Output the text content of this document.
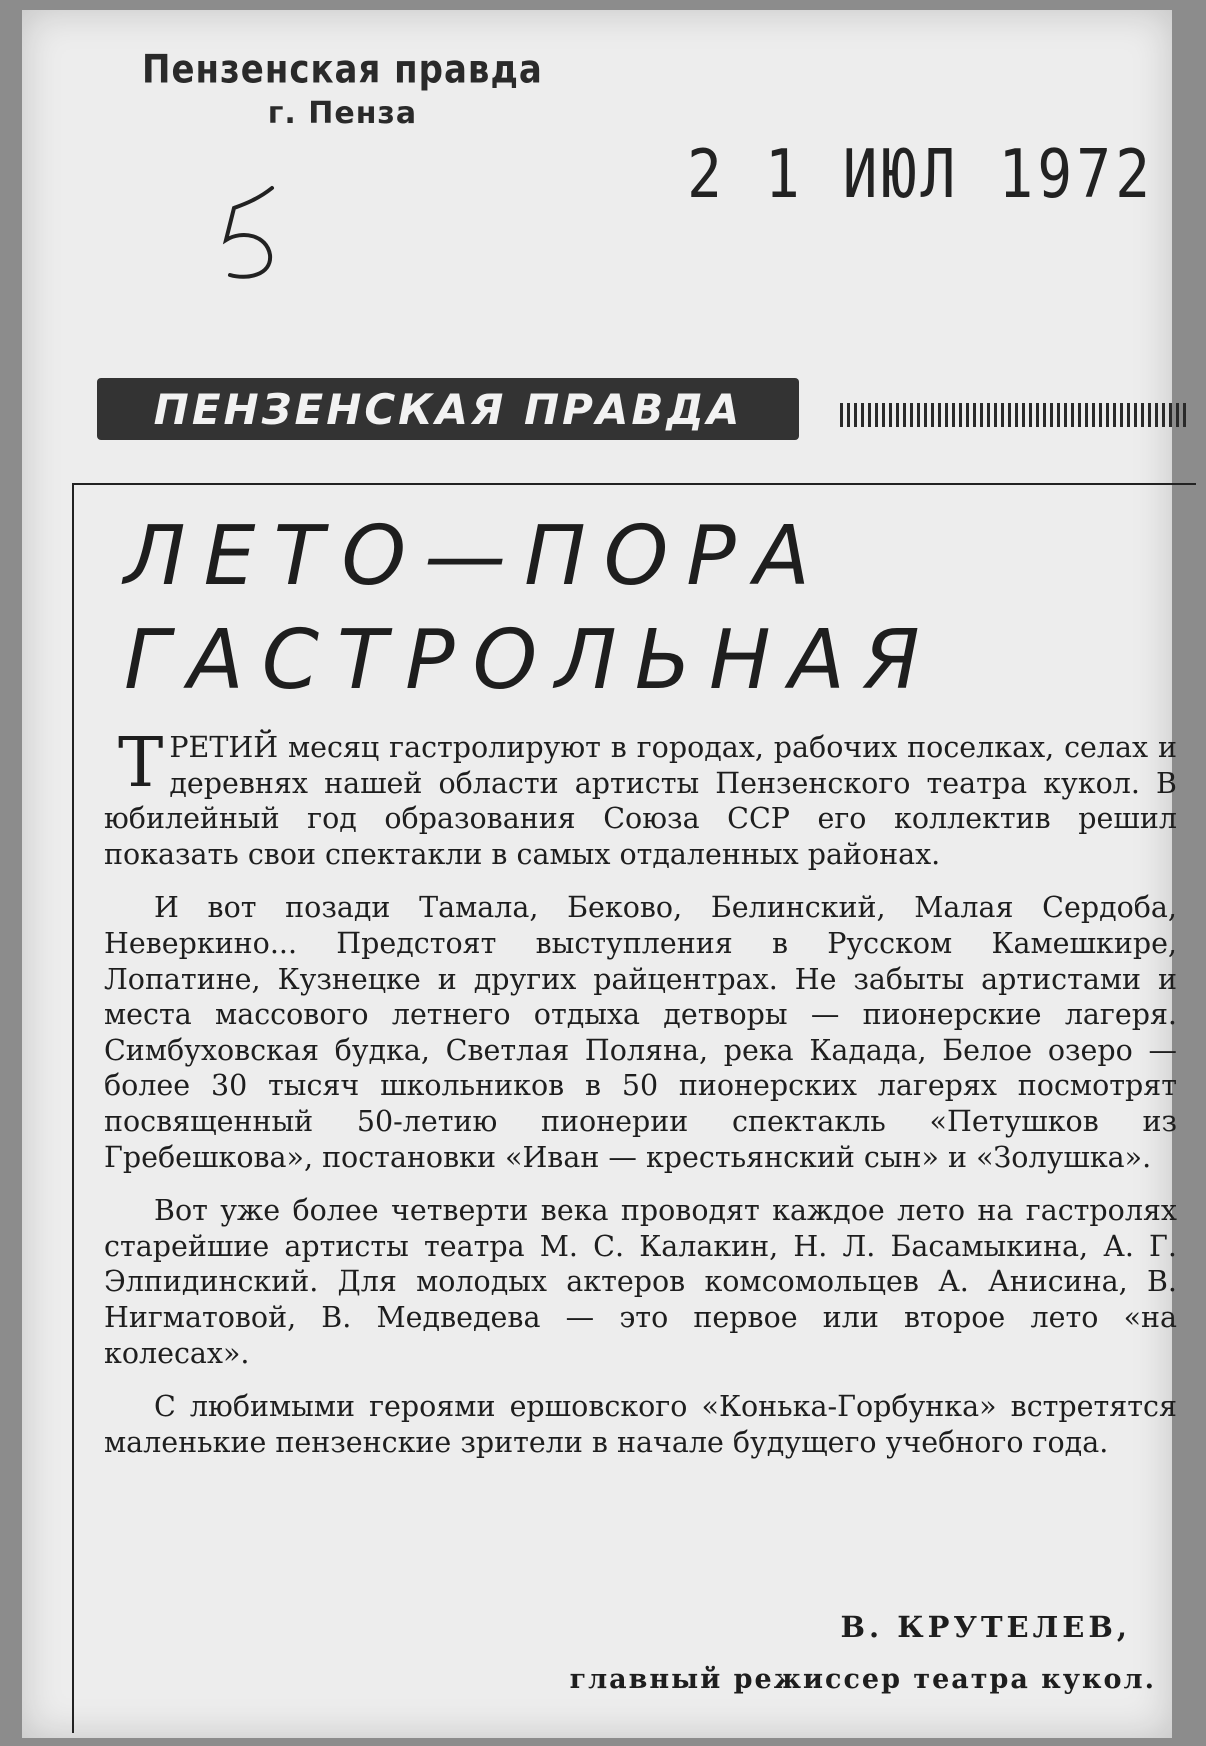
Пензенская правда
г. Пенза
2 1 ИЮЛ 1972
ПЕНЗЕНСКАЯ ПРАВДА
ЛЕТО—ПОРА
ГАСТРОЛЬНАЯ

ТРЕТИЙ месяц гастролируют в городах, рабочих поселках, селах и деревнях нашей области артисты Пензенского театра кукол. В юбилейный год образования Союза ССР его коллектив решил показать свои спектакли в самых отдаленных районах.

И вот позади Тамала, Беково, Белинский, Малая Сердоба, Неверкино... Предстоят выступления в Русском Камешкире, Лопатине, Кузнецке и других райцентрах. Не забыты артистами и места массового летнего отдыха детворы — пионерские лагеря. Симбуховская будка, Светлая Поляна, река Кадада, Белое озеро — более 30 тысяч школьников в 50 пионерских лагерях посмотрят посвященный 50-летию пионерии спектакль «Петушков из Гребешкова», постановки «Иван — крестьянский сын» и «Золушка».

Вот уже более четверти века проводят каждое лето на гастролях старейшие артисты театра М. С. Калакин, Н. Л. Басамыкина, А. Г. Элпидинский. Для молодых актеров комсомольцев А. Анисина, В. Нигматовой, В. Медведева — это первое или второе лето «на колесах».

С любимыми героями ершовского «Конька-Горбунка» встретятся маленькие пензенские зрители в начале будущего учебного года.

В. КРУТЕЛЕВ,
главный режиссер театра кукол.
